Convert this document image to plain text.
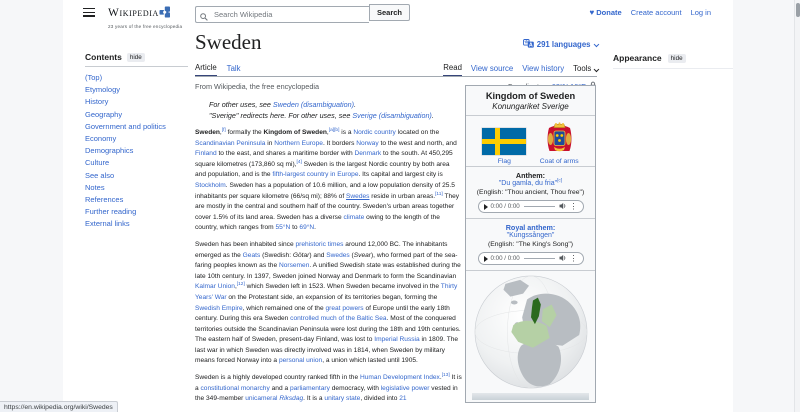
Wikipedia
23 years of the free encyclopedia
Search Wikipedia
Search	♥ Donate Create account Log in
Contents	hide
(Top)
Etymology
History
Geography
Government and politics
Economy
Demographics
Culture
See also
Notes
References
Further reading
External links
Sweden	A 291 languages
Article Talk	Read View source View history Tools
From Wikipedia, the free encyclopedia
For other uses, see Sweden (disambiguation).
"Sverige" redirects here. For other uses, see Sverige (disambiguation).

Sweden,[f] formally the Kingdom of Sweden,[a][b] is a Nordic country located on the Scandinavian Peninsula in Northern Europe. It borders Norway to the west and north, and Finland to the east, and shares a maritime border with Denmark to the south. At 450,295 square kilometres (173,860 sq mi),[4] Sweden is the largest Nordic country by both area and population, and is the fifth-largest country in Europe. Its capital and largest city is Stockholm. Sweden has a population of 10.6 million, and a low population density of 25.5 inhabitants per square kilometre (66/sq mi); 88% of Swedes reside in urban areas.[11] They are mostly in the central and southern half of the country. Sweden's urban areas together cover 1.5% of its land area. Sweden has a diverse climate owing to the length of the country, which ranges from 55°N to 69°N.

Sweden has been inhabited since prehistoric times around 12,000 BC. The inhabitants emerged as the Geats (Swedish: Götar) and Swedes (Svear), who formed part of the sea-faring peoples known as the Norsemen. A unified Swedish state was established during the late 10th century. In 1397, Sweden joined Norway and Denmark to form the Scandinavian Kalmar Union,[12] which Sweden left in 1523. When Sweden became involved in the Thirty Years' War on the Protestant side, an expansion of its territories began, forming the Swedish Empire, which remained one of the great powers of Europe until the early 18th century. During this era Sweden controlled much of the Baltic Sea. Most of the conquered territories outside the Scandinavian Peninsula were lost during the 18th and 19th centuries. The eastern half of Sweden, present-day Finland, was lost to Imperial Russia in 1809. The last war in which Sweden was directly involved was in 1814, when Sweden by military means forced Norway into a personal union, a union which lasted until 1905.

Sweden is a highly developed country ranked fifth in the Human Development Index.[13] It is a constitutional monarchy and a parliamentary democracy, with legislative power vested in the 349-member unicameral Riksdag. It is a unitary state, divided into 21

Kingdom of Sweden
Konungariket Sverige
Flag	Coat of arms
Anthem:
"Du gamla, du fria"[c]
(English: "Thou ancient, Thou free")
0:00 / 0:00	⋮
Royal anthem:
"Kungssången"
(English: "The King's Song")
0:00 / 0:00	⋮
Appearance	hide
https://en.wikipedia.org/wiki/Swedes
